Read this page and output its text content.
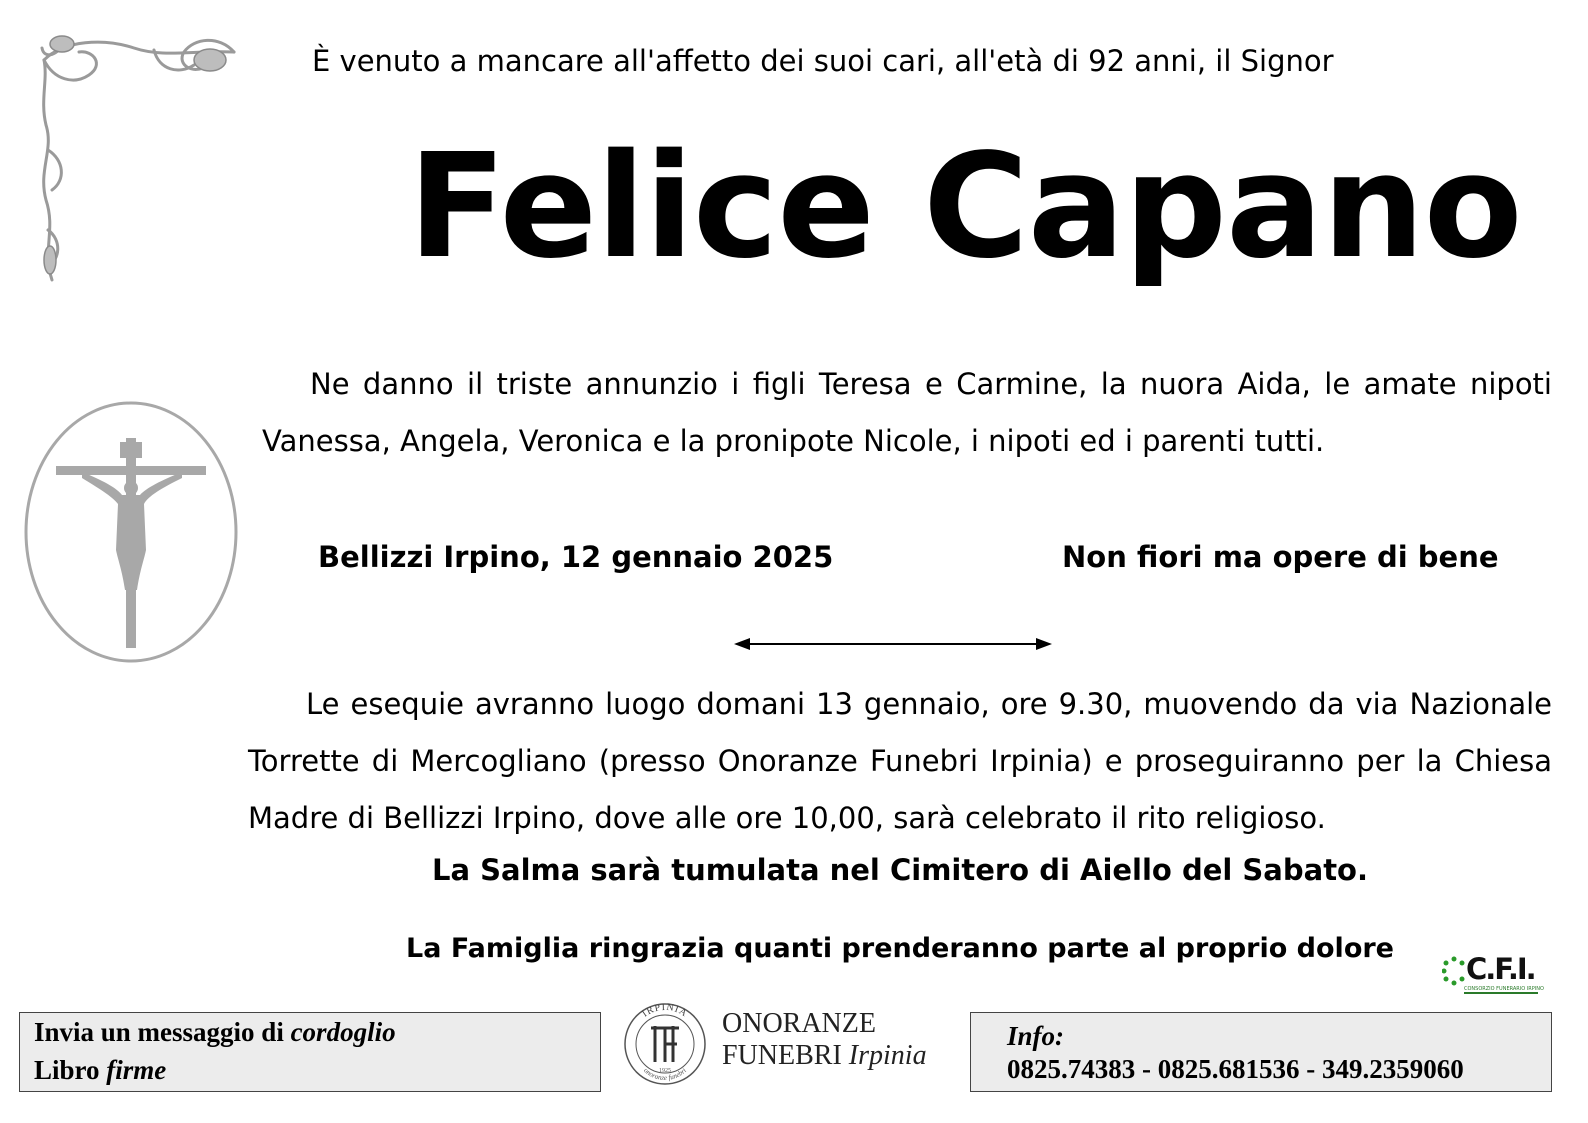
È venuto a mancare all'affetto dei suoi cari, all'età di 92 anni, il Signor
Felice Capano
Ne danno il triste annunzio i figli Teresa e Carmine, la nuora Aida, le amate nipoti Vanessa, Angela, Veronica e la pronipote Nicole, i nipoti ed i parenti tutti.
Bellizzi Irpino, 12 gennaio 2025	Non fiori ma opere di bene
Le esequie avranno luogo domani 13 gennaio, ore 9.30, muovendo da via Nazionale Torrette di Mercogliano (presso Onoranze Funebri Irpinia) e proseguiranno per la Chiesa Madre di Bellizzi Irpino, dove alle ore 10,00, sarà celebrato il rito religioso.
La Salma sarà tumulata nel Cimitero di Aiello del Sabato.
La Famiglia ringrazia quanti prenderanno parte al proprio dolore
C.F.I.
CONSORZIO FUNERARIO IRPINO
Invia un messaggio di cordoglio
Libro firme
IRPINIA
onoranze funebri
1925
ONORANZE
FUNEBRI Irpinia
Info:
0825.74383 - 0825.681536 - 349.2359060
